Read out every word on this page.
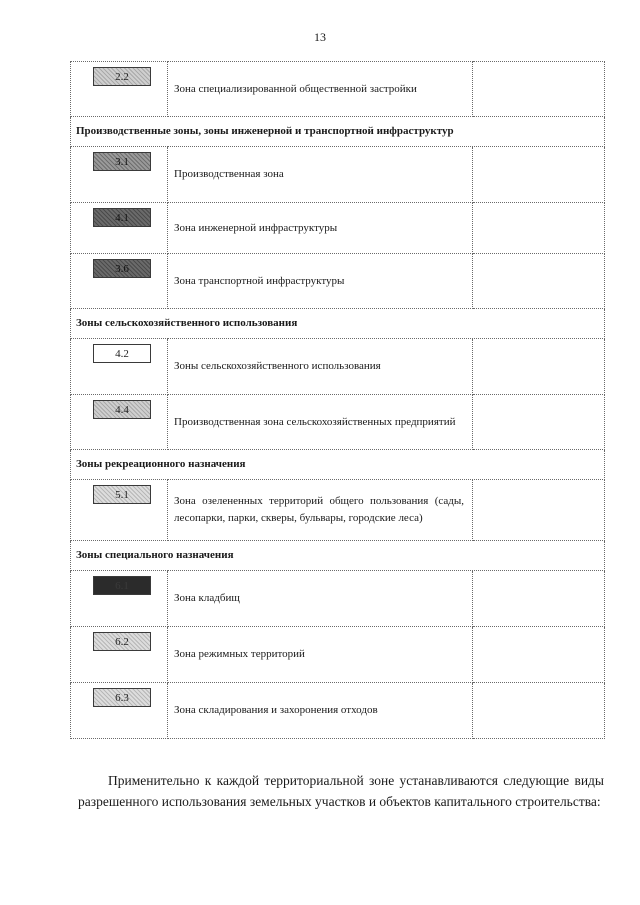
13
2.2	Зона специализированной общественной застройки	
Производственные зоны, зоны инженерной и транспортной инфраструктур		

3.1	Производственная зона	

4.1	Зона инженерной инфраструктуры	

3.6	Зона транспортной инфраструктуры	
Зоны сельскохозяйственного использования		

4.2	Зоны сельскохозяйственного использования	

4.4	Производственная зона сельскохозяйственных предприятий	
Зоны рекреационного назначения		

5.1	Зона озелененных территорий общего пользования (сады, лесопарки, парки, скверы, бульвары, городские леса)	
Зоны специального назначения		

6.1	Зона кладбищ	

6.2	Зона режимных территорий	

6.3	Зона складирования и захоронения отходов	
Применительно к каждой территориальной зоне устанавливаются следующие виды разрешенного использования земельных участков и объектов капитального строительства:
